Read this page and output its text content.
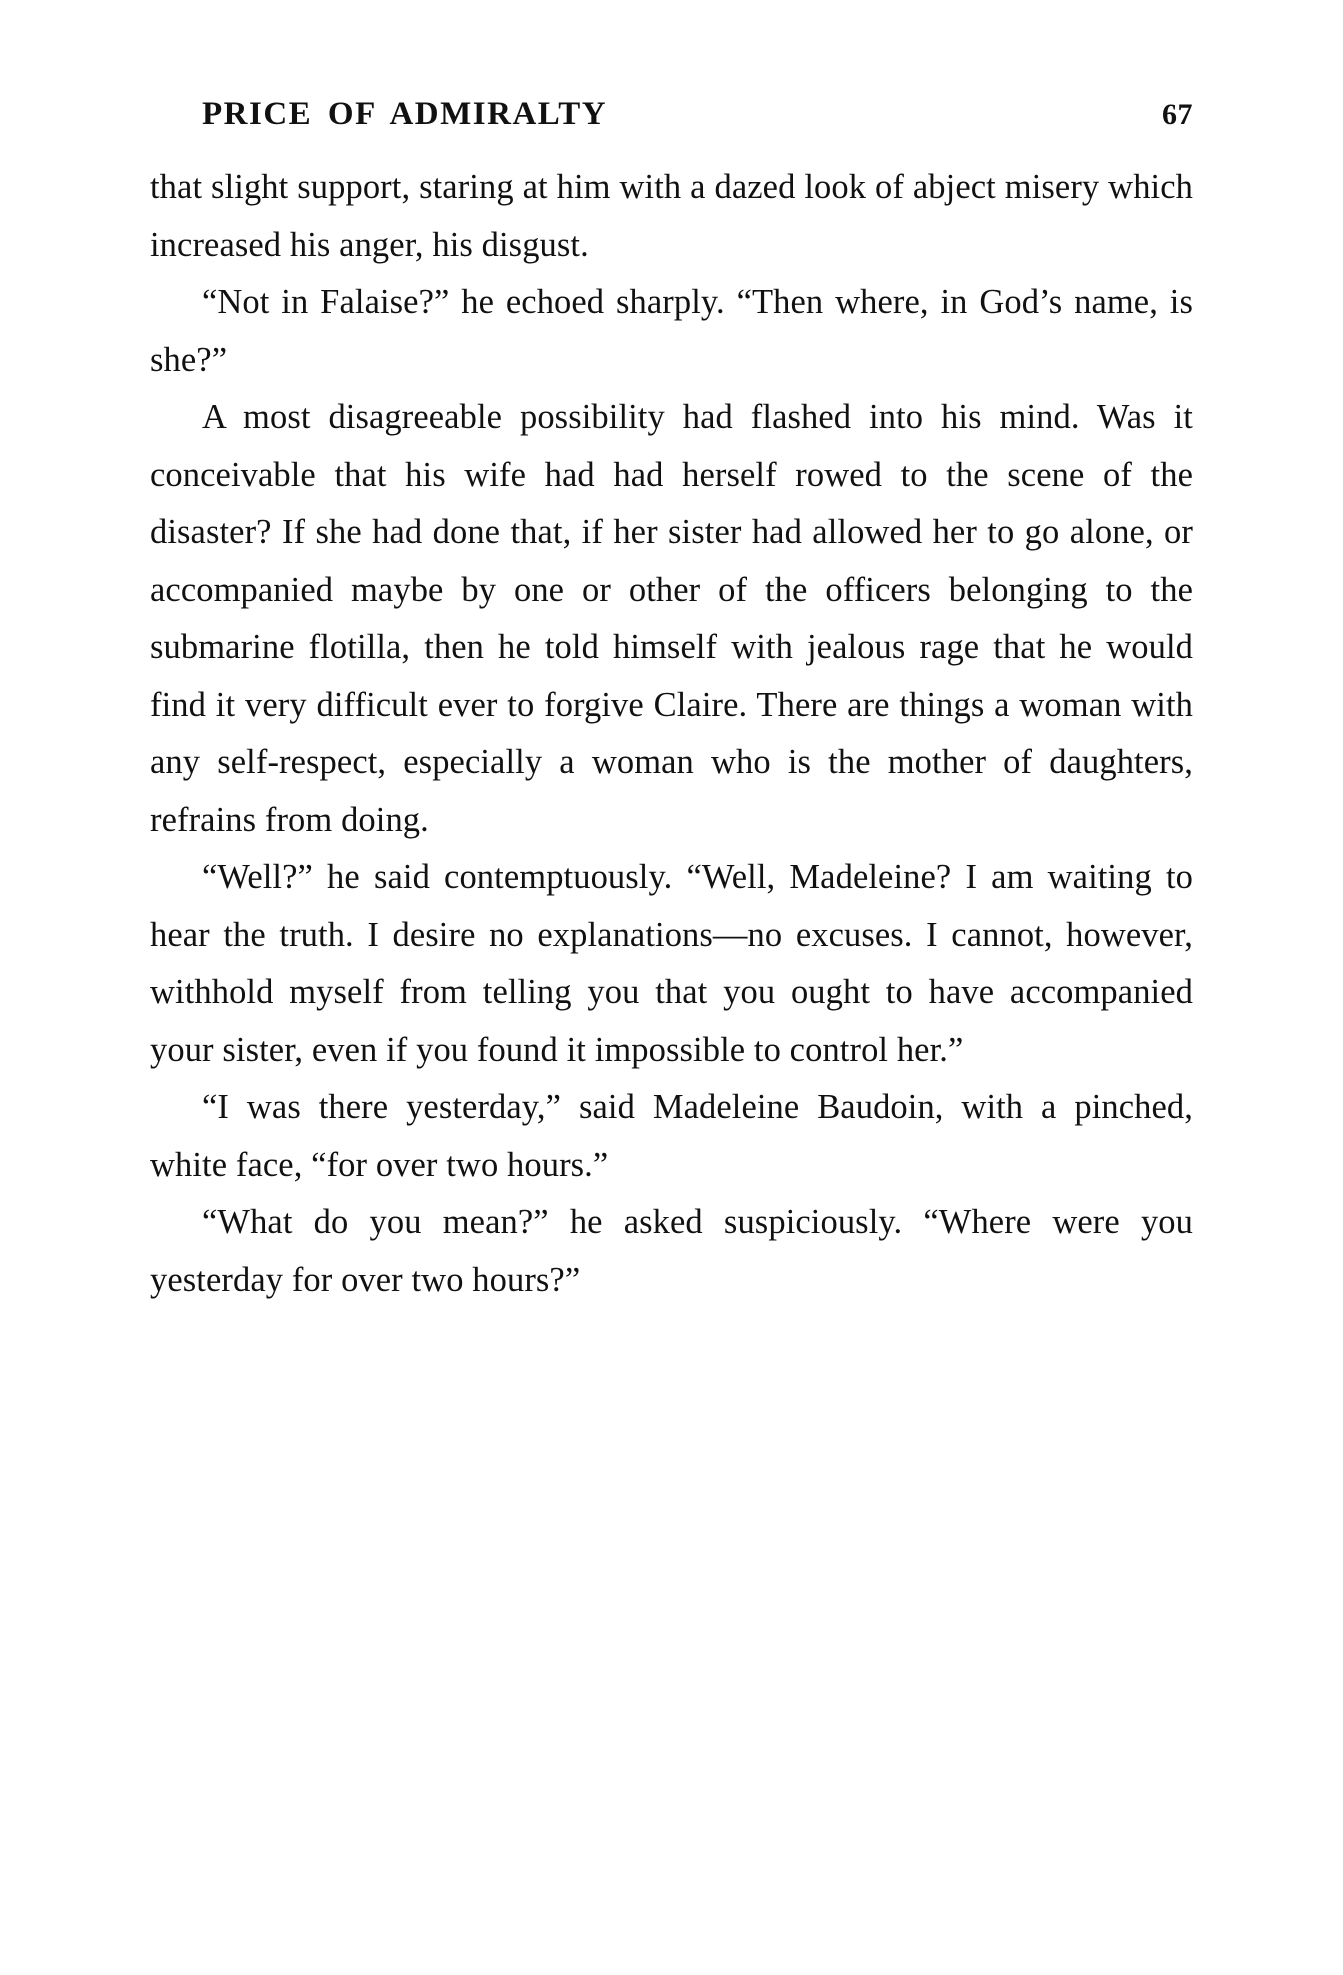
PRICE OF ADMIRALTY	67

that slight support, staring at him with a dazed look of abject misery which increased his anger, his disgust.

“Not in Falaise?” he echoed sharply. “Then where, in God’s name, is she?”

A most disagreeable possibility had flashed into his mind. Was it conceivable that his wife had had herself rowed to the scene of the disaster? If she had done that, if her sister had allowed her to go alone, or accompanied maybe by one or other of the officers belonging to the submarine flotilla, then he told himself with jealous rage that he would find it very difficult ever to forgive Claire. There are things a woman with any self-respect, especially a woman who is the mother of daughters, refrains from doing.

“Well?” he said contemptuously. “Well, Madeleine? I am waiting to hear the truth. I desire no explanations—no excuses. I cannot, however, withhold myself from telling you that you ought to have accompanied your sister, even if you found it impossible to control her.”

“I was there yesterday,” said Madeleine Baudoin, with a pinched, white face, “for over two hours.”

“What do you mean?” he asked suspiciously. “Where were you yesterday for over two hours?”
